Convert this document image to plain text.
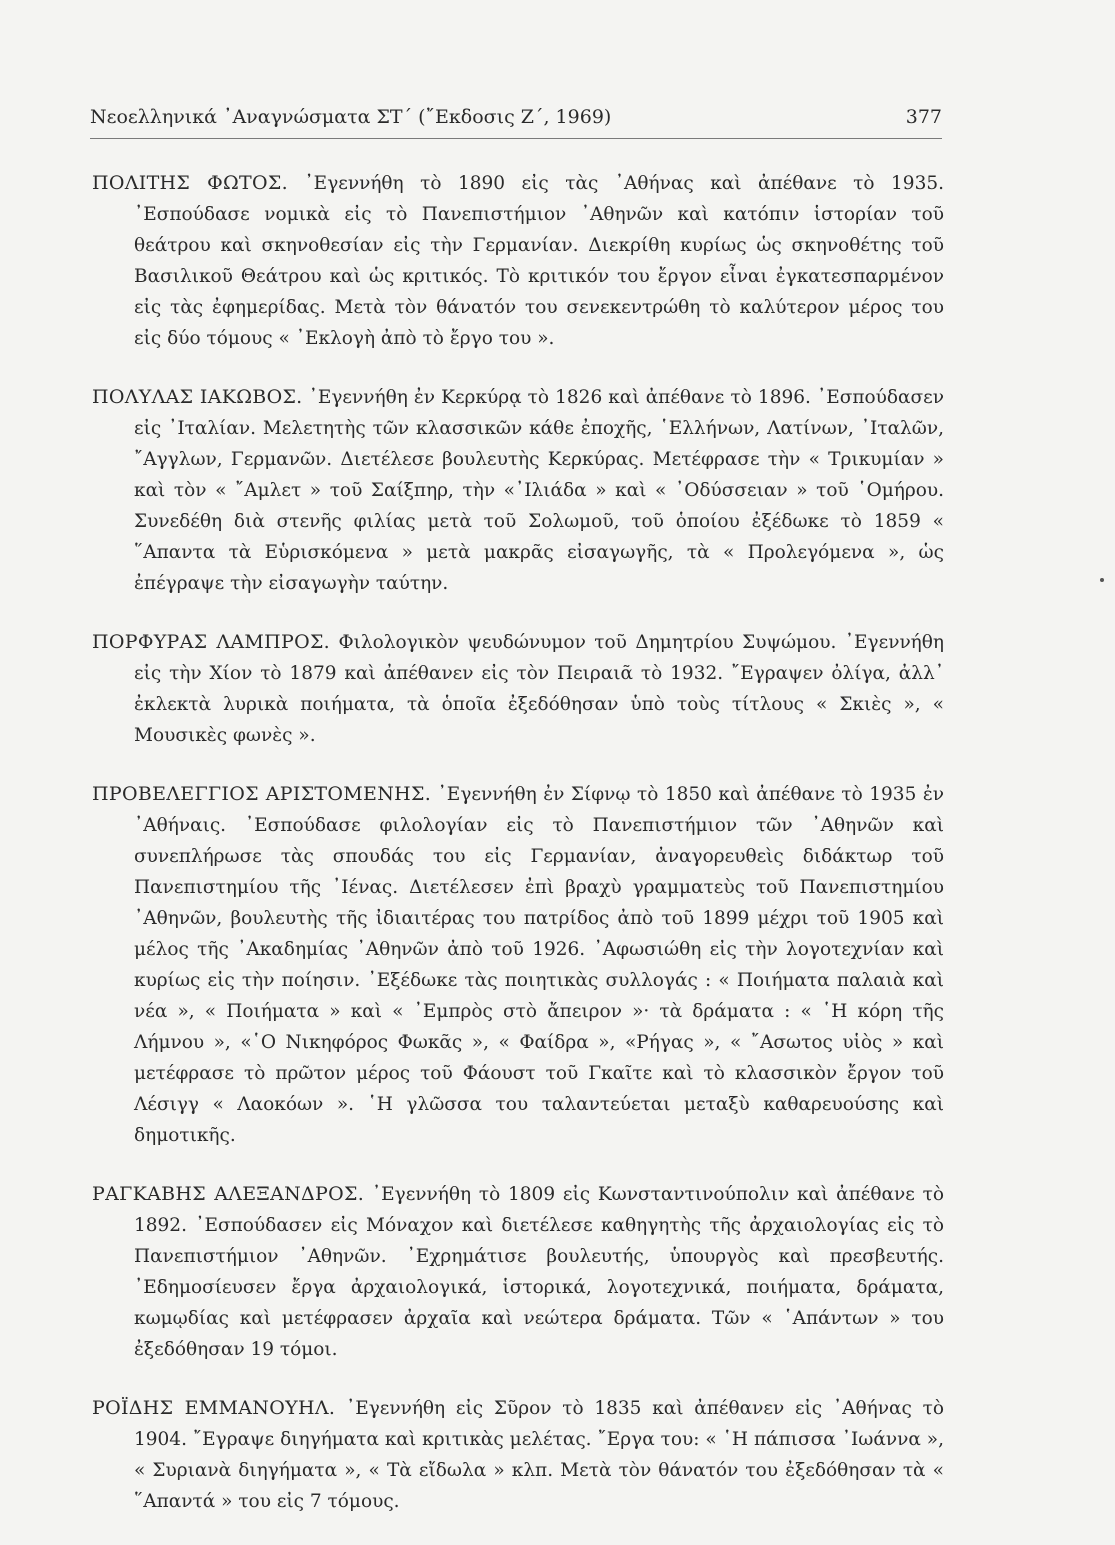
Νεοελληνικά ᾿Αναγνώσματα ΣΤ΄ (῎Εκδοσις Ζ΄, 1969)	377

ΠΟΛΙΤΗΣ ΦΩΤΟΣ. ᾿Εγεννήθη τὸ 1890 εἰς τὰς ᾿Αθήνας καὶ ἀπέθανε τὸ 1935. ᾿Εσπούδασε νομικὰ εἰς τὸ Πανεπιστήμιον ᾿Αθηνῶν καὶ κατόπιν ἱστορίαν τοῦ θεάτρου καὶ σκηνοθεσίαν εἰς τὴν Γερμανίαν. Διεκρίθη κυρίως ὡς σκηνοθέτης τοῦ Βασιλικοῦ Θεάτρου καὶ ὡς κριτικός. Τὸ κριτικόν του ἔργον εἶναι ἐγκατεσπαρμένον εἰς τὰς ἐφημερίδας. Μετὰ τὸν θάνατόν του σενεκεντρώθη τὸ καλύτερον μέρος του εἰς δύο τόμους « ᾿Εκλογὴ ἀπὸ τὸ ἔργο του ».

ΠΟΛΥΛΑΣ ΙΑΚΩΒΟΣ. ᾿Εγεννήθη ἐν Κερκύρᾳ τὸ 1826 καὶ ἀπέθανε τὸ 1896. ᾿Εσπούδασεν εἰς ᾿Ιταλίαν. Μελετητὴς τῶν κλασσικῶν κάθε ἐποχῆς, ῾Ελλήνων, Λατίνων, ᾿Ιταλῶν, ῎Αγγλων, Γερμανῶν. Διετέλεσε βουλευτὴς Κερκύρας. Μετέφρασε τὴν « Τρικυμίαν » καὶ τὸν « ῎Αμλετ » τοῦ Σαίξπηρ, τὴν «᾿Ιλιάδα » καὶ « ᾿Οδύσσειαν » τοῦ ῾Ομήρου. Συνεδέθη διὰ στενῆς φιλίας μετὰ τοῦ Σολωμοῦ, τοῦ ὁποίου ἐξέδωκε τὸ 1859 « ῞Απαντα τὰ Εὑρισκόμενα » μετὰ μακρᾶς εἰσαγωγῆς, τὰ « Προλεγόμενα », ὡς ἐπέγραψε τὴν εἰσαγωγὴν ταύτην.

ΠΟΡΦΥΡΑΣ ΛΑΜΠΡΟΣ. Φιλολογικὸν ψευδώνυμον τοῦ Δημητρίου Συψώμου. ᾿Εγεννήθη εἰς τὴν Χίον τὸ 1879 καὶ ἀπέθανεν εἰς τὸν Πειραιᾶ τὸ 1932. ῎Εγραψεν ὀλίγα, ἀλλ᾿ ἐκλεκτὰ λυρικὰ ποιήματα, τὰ ὁποῖα ἐξεδόθησαν ὑπὸ τοὺς τίτλους « Σκιὲς », « Μουσικὲς φωνὲς ».

ΠΡΟΒΕΛΕΓΓΙΟΣ ΑΡΙΣΤΟΜΕΝΗΣ. ᾿Εγεννήθη ἐν Σίφνῳ τὸ 1850 καὶ ἀπέθανε τὸ 1935 ἐν ᾿Αθήναις. ᾿Εσπούδασε φιλολογίαν εἰς τὸ Πανεπιστήμιον τῶν ᾿Αθηνῶν καὶ συνεπλήρωσε τὰς σπουδάς του εἰς Γερμανίαν, ἀναγορευθεὶς διδάκτωρ τοῦ Πανεπιστημίου τῆς ᾿Ιένας. Διετέλεσεν ἐπὶ βραχὺ γραμματεὺς τοῦ Πανεπιστημίου ᾿Αθηνῶν, βουλευτὴς τῆς ἰδιαιτέρας του πατρίδος ἀπὸ τοῦ 1899 μέχρι τοῦ 1905 καὶ μέλος τῆς ᾿Ακαδημίας ᾿Αθηνῶν ἀπὸ τοῦ 1926. ᾿Αφωσιώθη εἰς τὴν λογοτεχνίαν καὶ κυρίως εἰς τὴν ποίησιν. ᾿Εξέδωκε τὰς ποιητικὰς συλλογάς : « Ποιήματα παλαιὰ καὶ νέα », « Ποιήματα » καὶ « ᾿Εμπρὸς στὸ ἄπειρον »· τὰ δράματα : « ῾Η κόρη τῆς Λήμνου », «῾Ο Νικηφόρος Φωκᾶς », « Φαίδρα », «Ρήγας », « ῎Ασωτος υἱὸς » καὶ μετέφρασε τὸ πρῶτον μέρος τοῦ Φάουστ τοῦ Γκαῖτε καὶ τὸ κλασσικὸν ἔργον τοῦ Λέσιγγ « Λαοκόων ». ῾Η γλῶσσα του ταλαντεύεται μεταξὺ καθαρευούσης καὶ δημοτικῆς.

ΡΑΓΚΑΒΗΣ ΑΛΕΞΑΝΔΡΟΣ. ᾿Εγεννήθη τὸ 1809 εἰς Κωνσταντινούπολιν καὶ ἀπέθανε τὸ 1892. ᾿Εσπούδασεν εἰς Μόναχον καὶ διετέλεσε καθηγητὴς τῆς ἀρχαιολογίας εἰς τὸ Πανεπιστήμιον ᾿Αθηνῶν. ᾿Εχρημάτισε βουλευτής, ὑπουργὸς καὶ πρεσβευτής. ᾿Εδημοσίευσεν ἔργα ἀρχαιολογικά, ἱστορικά, λογοτεχνικά, ποιήματα, δράματα, κωμῳδίας καὶ μετέφρασεν ἀρχαῖα καὶ νεώτερα δράματα. Τῶν « ῾Απάντων » του ἐξεδόθησαν 19 τόμοι.

ΡΟΪΔΗΣ ΕΜΜΑΝΟΥΗΛ. ᾿Εγεννήθη εἰς Σῦρον τὸ 1835 καὶ ἀπέθανεν εἰς ᾿Αθήνας τὸ 1904. ῎Εγραψε διηγήματα καὶ κριτικὰς μελέτας. ῎Εργα του: « ῾Η πάπισσα ᾿Ιωάννα », « Συριανὰ διηγήματα », « Τὰ εἴδωλα » κλπ. Μετὰ τὸν θάνατόν του ἐξεδόθησαν τὰ « ῞Απαντά » του εἰς 7 τόμους.
